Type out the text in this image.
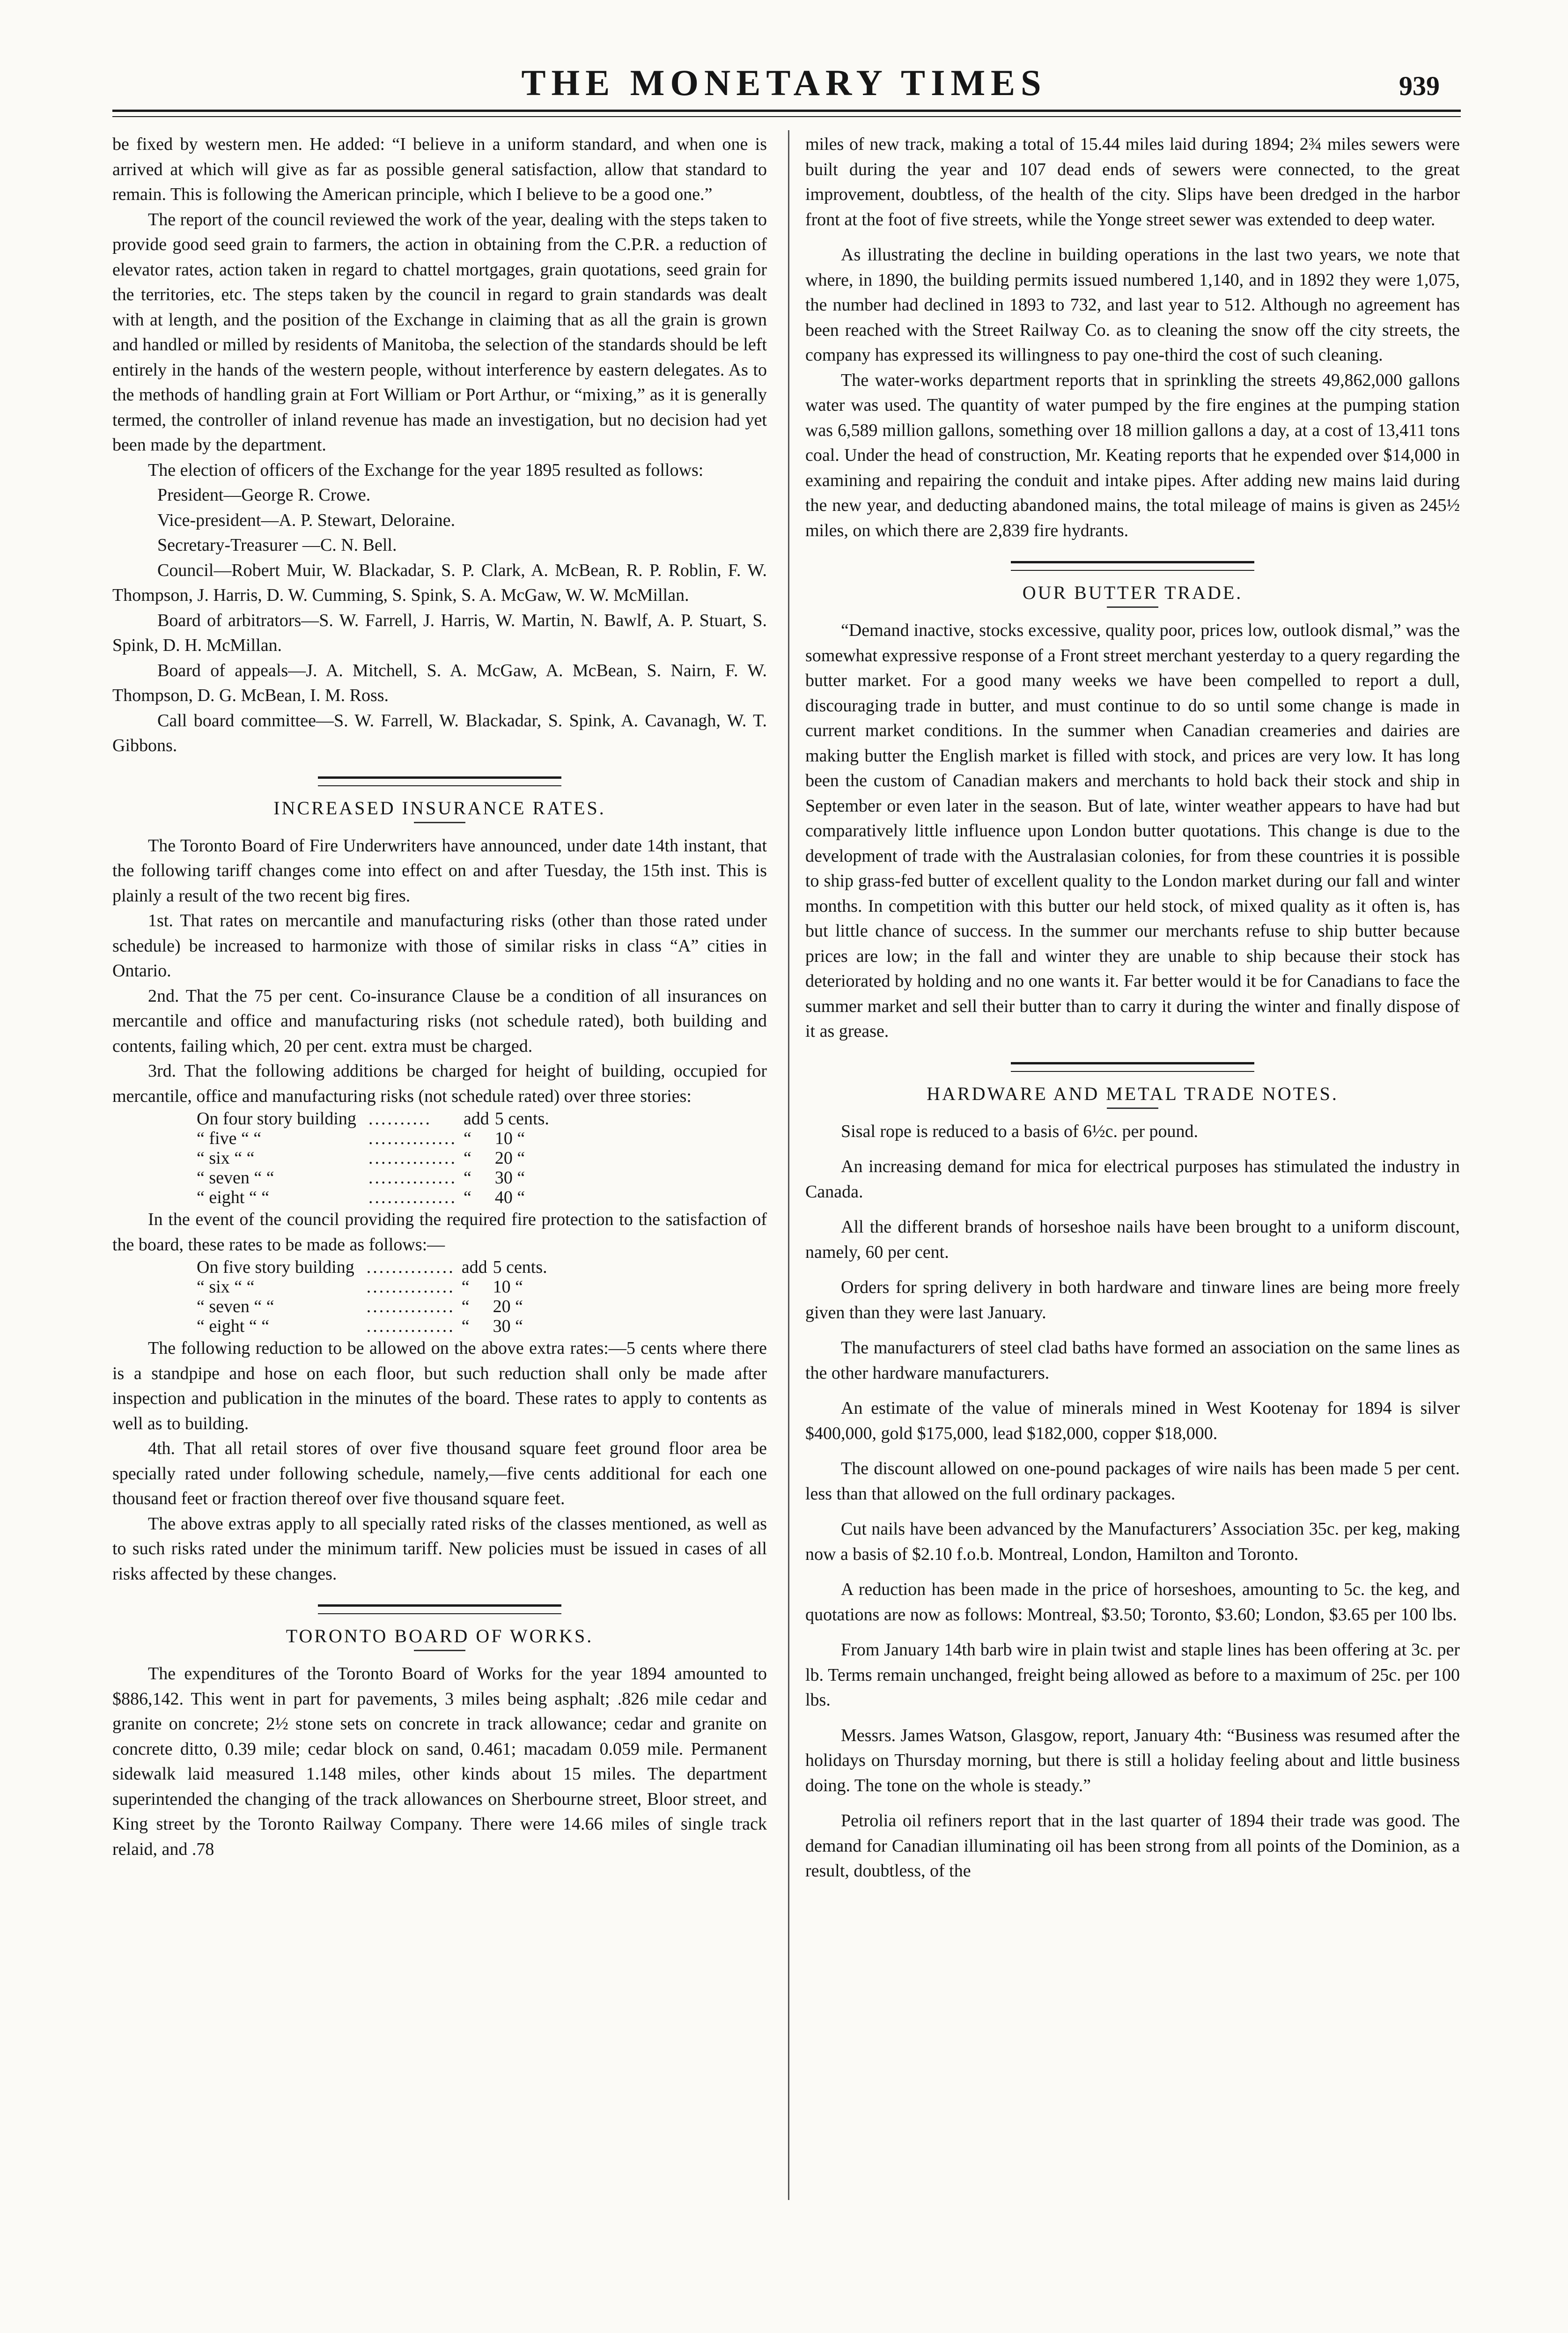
THE MONETARY TIMES	939

be fixed by western men. He added: “I believe in a uniform standard, and when one is arrived at which will give as far as possible general satisfaction, allow that standard to remain. This is following the American principle, which I believe to be a good one.”

The report of the council reviewed the work of the year, dealing with the steps taken to provide good seed grain to farmers, the action in obtaining from the C.P.R. a reduction of elevator rates, action taken in regard to chattel mortgages, grain quotations, seed grain for the territories, etc. The steps taken by the council in regard to grain standards was dealt with at length, and the position of the Exchange in claiming that as all the grain is grown and handled or milled by residents of Manitoba, the selection of the standards should be left entirely in the hands of the western people, without interference by eastern delegates. As to the methods of handling grain at Fort William or Port Arthur, or “mixing,” as it is generally termed, the controller of inland revenue has made an investigation, but no decision had yet been made by the department.

The election of officers of the Exchange for the year 1895 resulted as follows:

President—George R. Crowe.

Vice-president—A. P. Stewart, Deloraine.

Secretary-Treasurer —C. N. Bell.

Council—Robert Muir, W. Blackadar, S. P. Clark, A. McBean, R. P. Roblin, F. W. Thompson, J. Harris, D. W. Cumming, S. Spink, S. A. McGaw, W. W. McMillan.

Board of arbitrators—S. W. Farrell, J. Harris, W. Martin, N. Bawlf, A. P. Stuart, S. Spink, D. H. McMillan.

Board of appeals—J. A. Mitchell, S. A. McGaw, A. McBean, S. Nairn, F. W. Thompson, D. G. McBean, I. M. Ross.

Call board committee—S. W. Farrell, W. Blackadar, S. Spink, A. Cavanagh, W. T. Gibbons.

INCREASED INSURANCE RATES.

The Toronto Board of Fire Underwriters have announced, under date 14th instant, that the following tariff changes come into effect on and after Tuesday, the 15th inst. This is plainly a result of the two recent big fires.

1st. That rates on mercantile and manufacturing risks (other than those rated under schedule) be increased to harmonize with those of similar risks in class “A” cities in Ontario.

2nd. That the 75 per cent. Co-insurance Clause be a condition of all insurances on mercantile and office and manufacturing risks (not schedule rated), both building and contents, failing which, 20 per cent. extra must be charged.

3rd. That the following additions be charged for height of building, occupied for mercantile, office and manufacturing risks (not schedule rated) over three stories:

On four story building	..........	add	5 cents.
“ five “ “	..............	“	10 “
“ six “ “	..............	“	20 “
“ seven “ “	..............	“	30 “
“ eight “ “	..............	“	40 “

In the event of the council providing the required fire protection to the satisfaction of the board, these rates to be made as follows:—

On five story building	..............	add	5 cents.
“ six “ “	..............	“	10 “
“ seven “ “	..............	“	20 “
“ eight “ “	..............	“	30 “

The following reduction to be allowed on the above extra rates:—5 cents where there is a standpipe and hose on each floor, but such reduction shall only be made after inspection and publication in the minutes of the board. These rates to apply to contents as well as to building.

4th. That all retail stores of over five thousand square feet ground floor area be specially rated under following schedule, namely,—five cents additional for each one thousand feet or fraction thereof over five thousand square feet.

The above extras apply to all specially rated risks of the classes mentioned, as well as to such risks rated under the minimum tariff. New policies must be issued in cases of all risks affected by these changes.

TORONTO BOARD OF WORKS.

The expenditures of the Toronto Board of Works for the year 1894 amounted to $886,142. This went in part for pavements, 3 miles being asphalt; .826 mile cedar and granite on concrete; 2½ stone sets on concrete in track allowance; cedar and granite on concrete ditto, 0.39 mile; cedar block on sand, 0.461; macadam 0.059 mile. Permanent sidewalk laid measured 1.148 miles, other kinds about 15 miles. The department superintended the changing of the track allowances on Sherbourne street, Bloor street, and King street by the Toronto Railway Company. There were 14.66 miles of single track relaid, and .78

miles of new track, making a total of 15.44 miles laid during 1894; 2¾ miles sewers were built during the year and 107 dead ends of sewers were connected, to the great improvement, doubtless, of the health of the city. Slips have been dredged in the harbor front at the foot of five streets, while the Yonge street sewer was extended to deep water.

As illustrating the decline in building operations in the last two years, we note that where, in 1890, the building permits issued numbered 1,140, and in 1892 they were 1,075, the number had declined in 1893 to 732, and last year to 512. Although no agreement has been reached with the Street Railway Co. as to cleaning the snow off the city streets, the company has expressed its willingness to pay one-third the cost of such cleaning.

The water-works department reports that in sprinkling the streets 49,862,000 gallons water was used. The quantity of water pumped by the fire engines at the pumping station was 6,589 million gallons, something over 18 million gallons a day, at a cost of 13,411 tons coal. Under the head of construction, Mr. Keating reports that he expended over $14,000 in examining and repairing the conduit and intake pipes. After adding new mains laid during the new year, and deducting abandoned mains, the total mileage of mains is given as 245½ miles, on which there are 2,839 fire hydrants.

OUR BUTTER TRADE.

“Demand inactive, stocks excessive, quality poor, prices low, outlook dismal,” was the somewhat expressive response of a Front street merchant yesterday to a query regarding the butter market. For a good many weeks we have been compelled to report a dull, discouraging trade in butter, and must continue to do so until some change is made in current market conditions. In the summer when Canadian creameries and dairies are making butter the English market is filled with stock, and prices are very low. It has long been the custom of Canadian makers and merchants to hold back their stock and ship in September or even later in the season. But of late, winter weather appears to have had but comparatively little influence upon London butter quotations. This change is due to the development of trade with the Australasian colonies, for from these countries it is possible to ship grass-fed butter of excellent quality to the London market during our fall and winter months. In competition with this butter our held stock, of mixed quality as it often is, has but little chance of success. In the summer our merchants refuse to ship butter because prices are low; in the fall and winter they are unable to ship because their stock has deteriorated by holding and no one wants it. Far better would it be for Canadians to face the summer market and sell their butter than to carry it during the winter and finally dispose of it as grease.

HARDWARE AND METAL TRADE NOTES.

Sisal rope is reduced to a basis of 6½c. per pound.

An increasing demand for mica for electrical purposes has stimulated the industry in Canada.

All the different brands of horseshoe nails have been brought to a uniform discount, namely, 60 per cent.

Orders for spring delivery in both hardware and tinware lines are being more freely given than they were last January.

The manufacturers of steel clad baths have formed an association on the same lines as the other hardware manufacturers.

An estimate of the value of minerals mined in West Kootenay for 1894 is silver $400,000, gold $175,000, lead $182,000, copper $18,000.

The discount allowed on one-pound packages of wire nails has been made 5 per cent. less than that allowed on the full ordinary packages.

Cut nails have been advanced by the Manufacturers’ Association 35c. per keg, making now a basis of $2.10 f.o.b. Montreal, London, Hamilton and Toronto.

A reduction has been made in the price of horseshoes, amounting to 5c. the keg, and quotations are now as follows: Montreal, $3.50; Toronto, $3.60; London, $3.65 per 100 lbs.

From January 14th barb wire in plain twist and staple lines has been offering at 3c. per lb. Terms remain unchanged, freight being allowed as before to a maximum of 25c. per 100 lbs.

Messrs. James Watson, Glasgow, report, January 4th: “Business was resumed after the holidays on Thursday morning, but there is still a holiday feeling about and little business doing. The tone on the whole is steady.”

Petrolia oil refiners report that in the last quarter of 1894 their trade was good. The demand for Canadian illuminating oil has been strong from all points of the Dominion, as a result, doubtless, of the
